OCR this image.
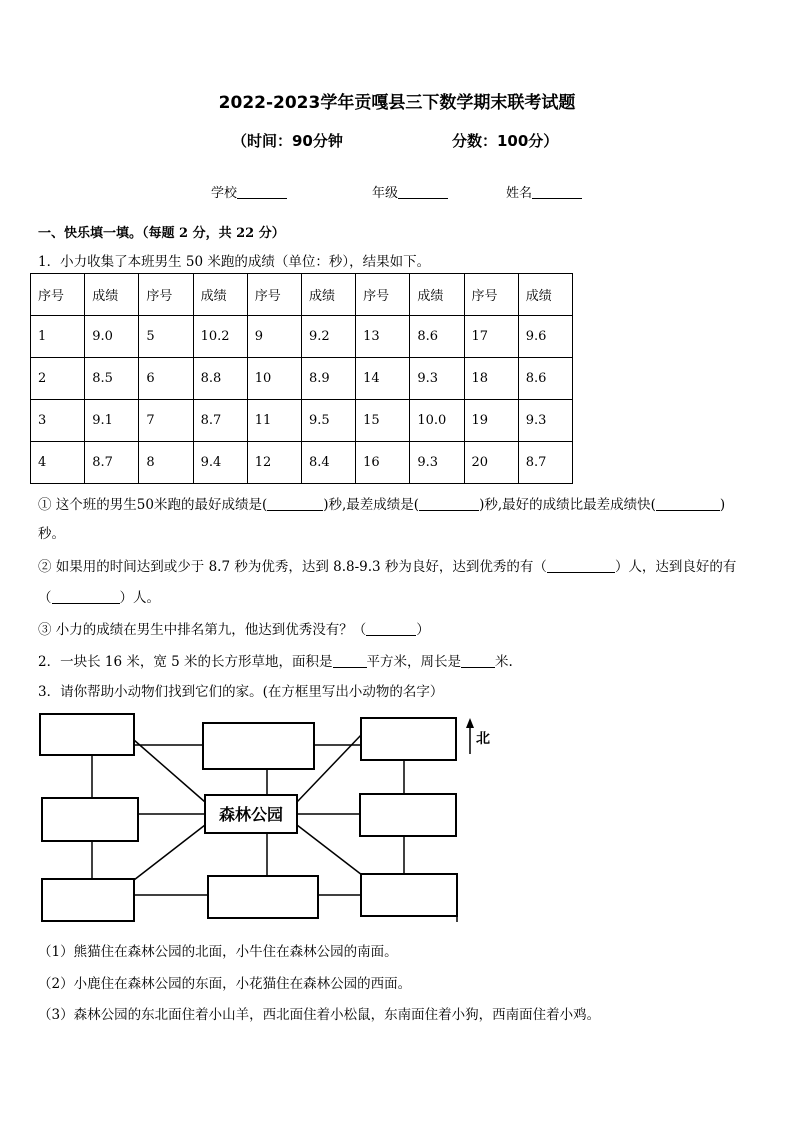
2022-2023学年贡嘎县三下数学期末联考试题
（时间：90分钟	分数：100分）
学校	年级	姓名
一、快乐填一填。（每题 2 分，共 22 分）
1．小力收集了本班男生 50 米跑的成绩（单位：秒），结果如下。
序号	成绩	序号	成绩	序号	成绩	序号	成绩	序号	成绩
1	9.0	5	10.2	9	9.2	13	8.6	17	9.6
2	8.5	6	8.8	10	8.9	14	9.3	18	8.6
3	9.1	7	8.7	11	9.5	15	10.0	19	9.3
4	8.7	8	9.4	12	8.4	16	9.3	20	8.7
① 这个班的男生50米跑的最好成绩是(	)秒,最差成绩是(	)秒,最好的成绩比最差成绩快(	)
秒。
② 如果用的时间达到或少于 8.7 秒为优秀，达到 8.8-9.3 秒为良好，达到优秀的有（	）人，达到良好的有
（	）人。
③ 小力的成绩在男生中排名第九，他达到优秀没有？（	）
2．一块长 16 米，宽 5 米的长方形草地，面积是	平方米，周长是	米.
3．请你帮助小动物们找到它们的家。(在方框里写出小动物的名字）
森林公园
北
（1）熊猫住在森林公园的北面，小牛住在森林公园的南面。
（2）小鹿住在森林公园的东面，小花猫住在森林公园的西面。
（3）森林公园的东北面住着小山羊，西北面住着小松鼠，东南面住着小狗，西南面住着小鸡。
